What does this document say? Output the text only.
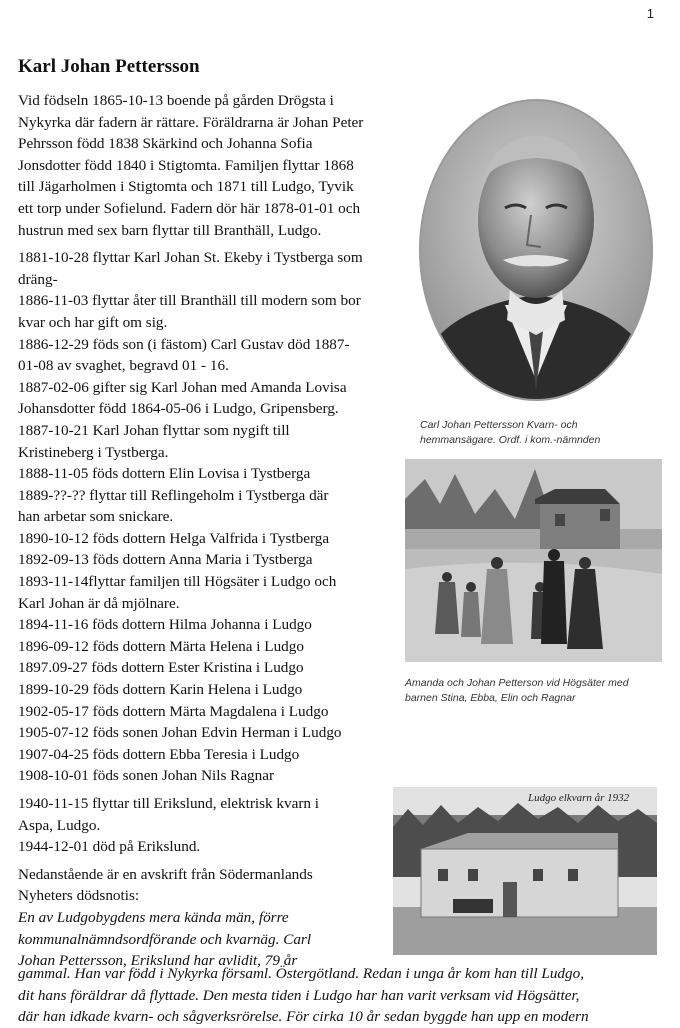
1
Karl Johan Pettersson

Vid födseln 1865-10-13 boende på gården Drögsta i
Nykyrka där fadern är rättare. Föräldrarna är Johan Peter
Pehrsson född 1838 Skärkind och Johanna Sofia
Jonsdotter född 1840 i Stigtomta. Familjen flyttar 1868
till Jägarholmen i Stigtomta och 1871 till Ludgo, Tyvik
ett torp under Sofielund. Fadern dör här 1878-01-01 och
hustrun med sex barn flyttar till Branthäll, Ludgo.

1881-10-28 flyttar Karl Johan St. Ekeby i Tystberga som
dräng-
1886-11-03 flyttar åter till Branthäll till modern som bor
kvar och har gift om sig.
1886-12-29 föds son (i fästom) Carl Gustav död 1887-
01-08 av svaghet, begravd 01 - 16.
1887-02-06 gifter sig Karl Johan med Amanda Lovisa
Johansdotter född 1864-05-06 i Ludgo, Gripensberg.
1887-10-21 Karl Johan flyttar som nygift till
Kristineberg i Tystberga.
1888-11-05 föds dottern Elin Lovisa i Tystberga
1889-??-?? flyttar till Reflingeholm i Tystberga där
han arbetar som snickare.
1890-10-12 föds dottern Helga Valfrida i Tystberga
1892-09-13 föds dottern Anna Maria i Tystberga
1893-11-14flyttar familjen till Högsäter i Ludgo och
Karl Johan är då mjölnare.
1894-11-16 föds dottern Hilma Johanna i Ludgo
1896-09-12 föds dottern Märta Helena i Ludgo
1897.09-27 föds dottern Ester Kristina i Ludgo
1899-10-29 föds dottern Karin Helena i Ludgo
1902-05-17 föds dottern Märta Magdalena i Ludgo
1905-07-12 föds sonen Johan Edvin Herman i Ludgo
1907-04-25 föds dottern Ebba Teresia i Ludgo
1908-10-01 föds sonen Johan Nils Ragnar

1940-11-15 flyttar till Erikslund, elektrisk kvarn i
Aspa, Ludgo.
1944-12-01 död på Erikslund.

Nedanstående är en avskrift från Södermanlands
Nyheters dödsnotis:
En av Ludgobygdens mera kända män, förre
kommunalnämndsordförande och kvarnäg. Carl
Johan Pettersson, Erikslund har avlidit, 79 år

gammal. Han var född i Nykyrka församl. Östergötland. Redan i unga år kom han till Ludgo,
dit hans föräldrar då flyttade. Den mesta tiden i Ludgo har han varit verksam vid Högsätter,
där han idkade kvarn- och sågverksrörelse. För cirka 10 år sedan byggde han upp en modern
Carl Johan Pettersson Kvarn- och
hemmansägare. Ordf. i kom.-nämnden
Amanda och Johan Petterson vid Högsäter med
barnen Stina, Ebba, Elin och Ragnar
Ludgo elkvarn år 1932
